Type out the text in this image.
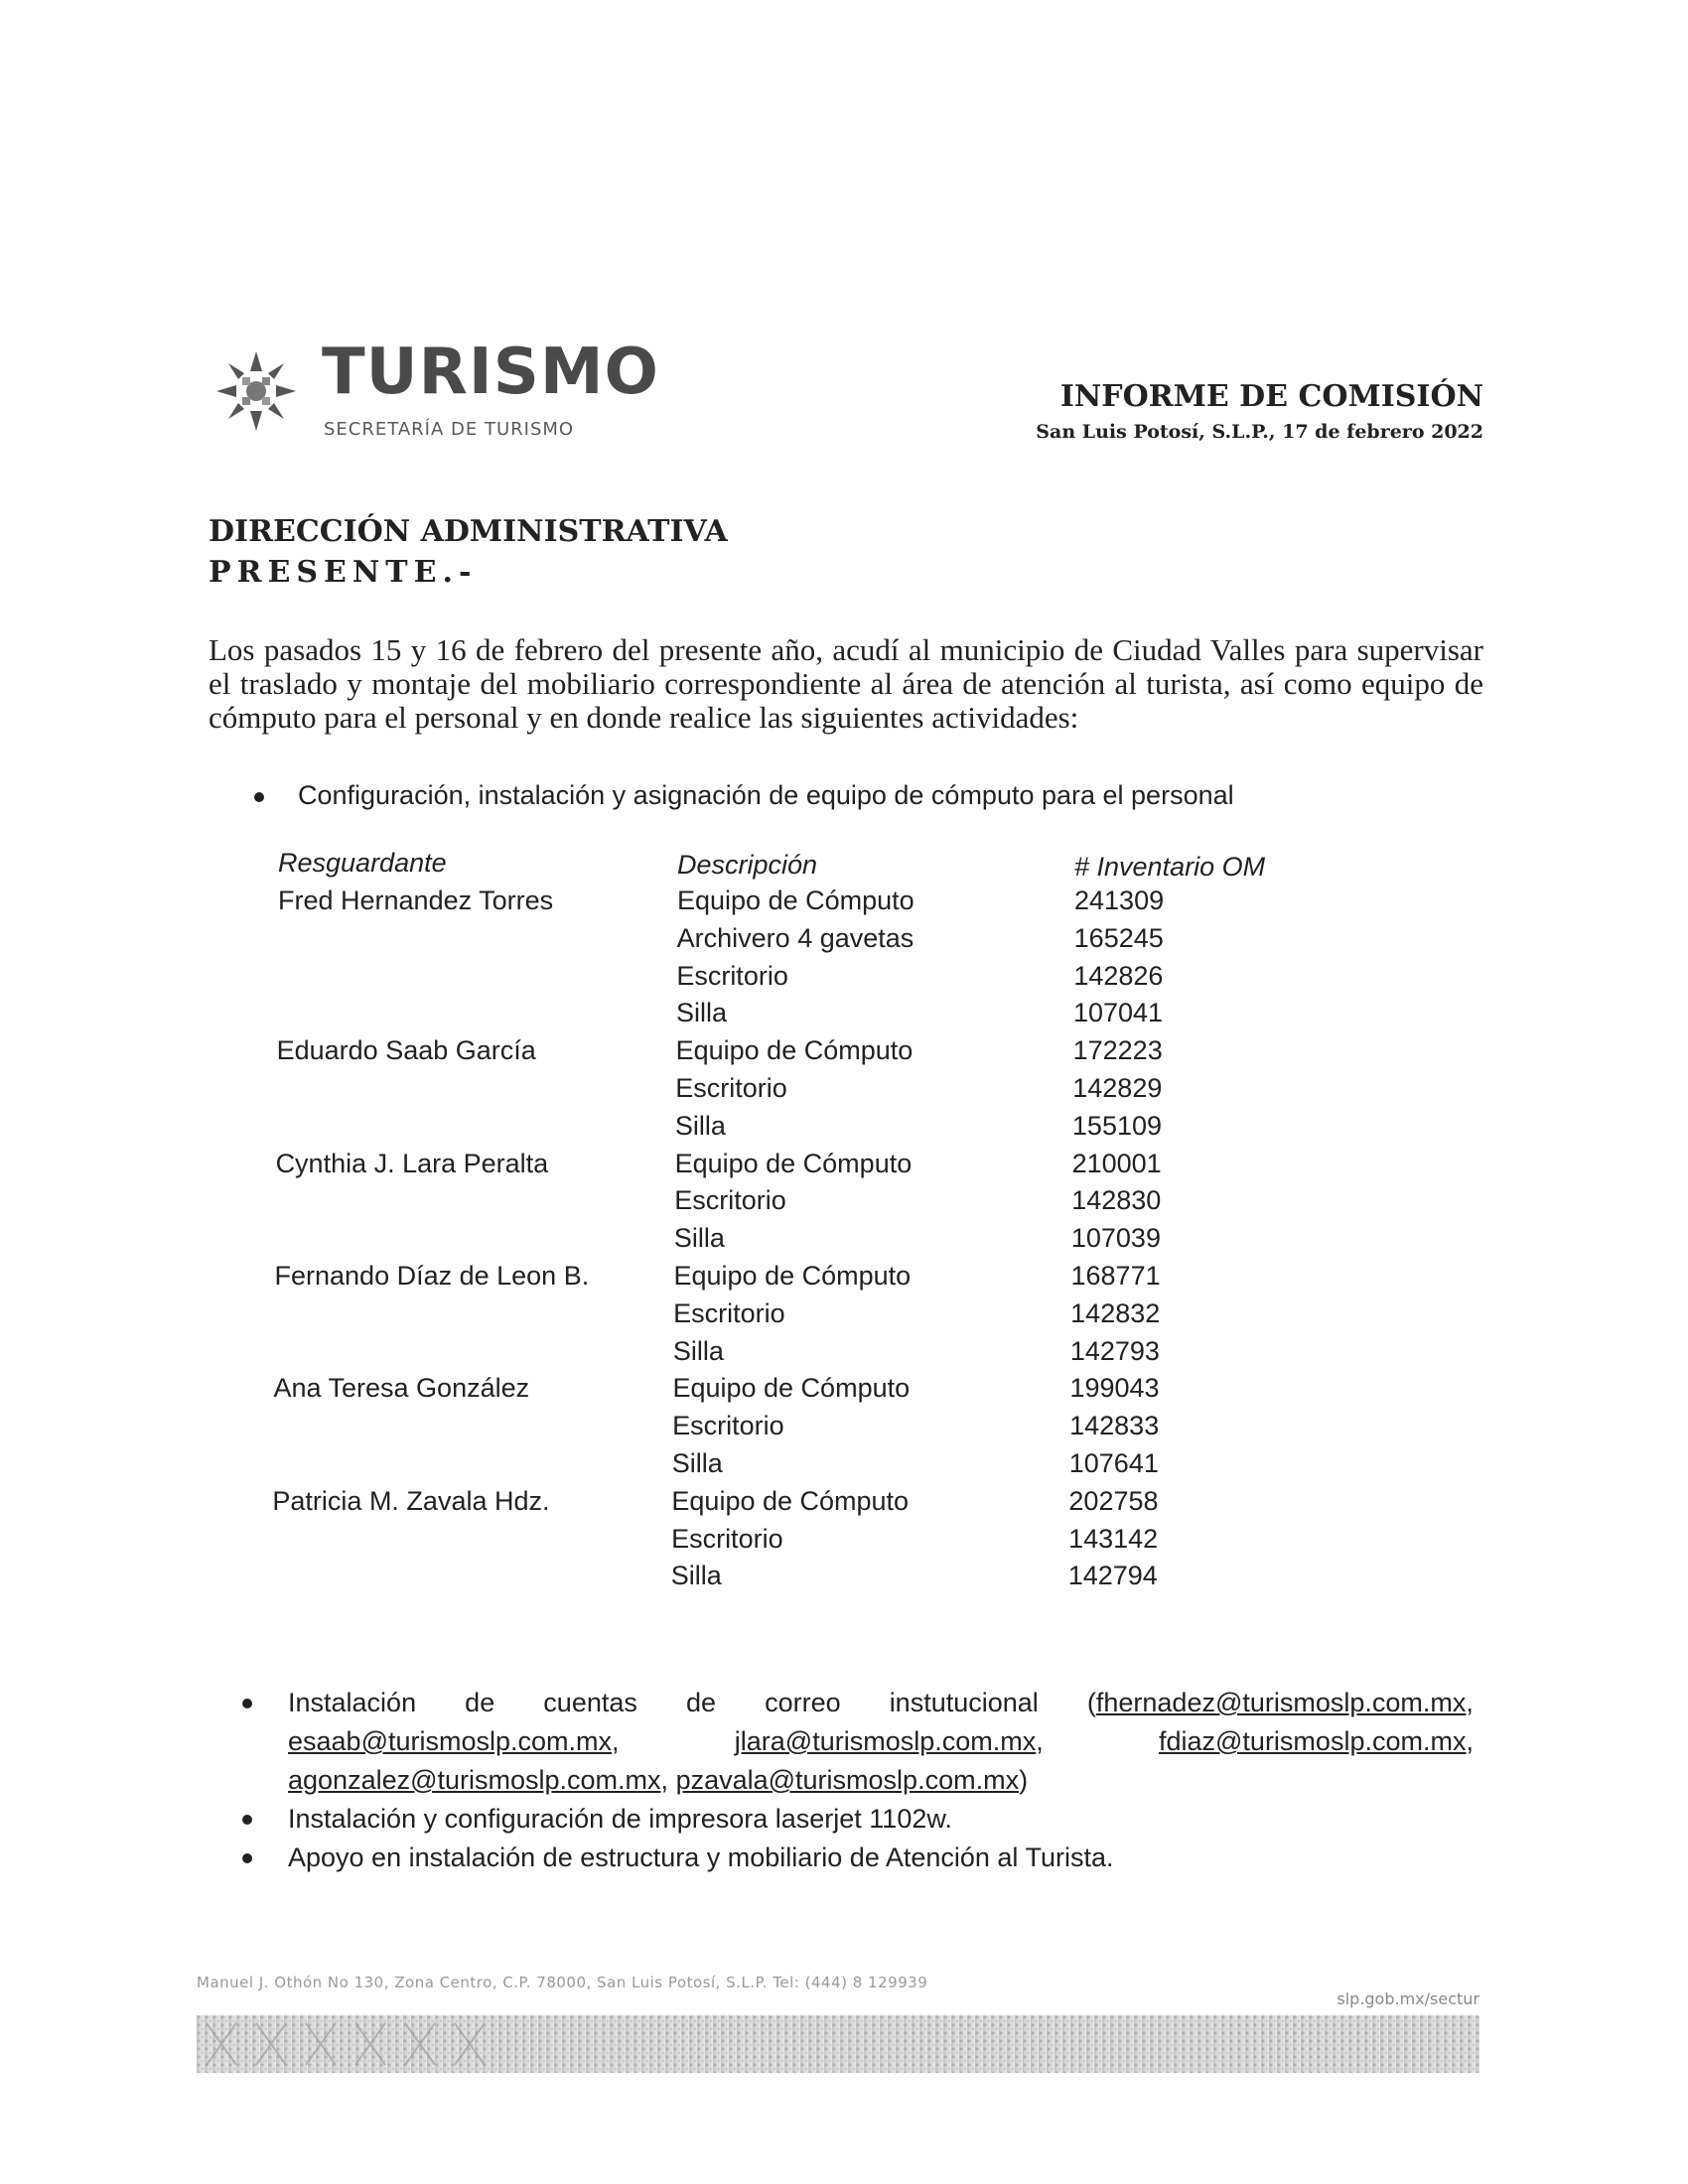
TURISMO
SECRETARÍA DE TURISMO
INFORME DE COMISIÓN
San Luis Potosí, S.L.P., 17 de febrero 2022
DIRECCIÓN ADMINISTRATIVA
PRESENTE.-
Los pasados 15 y 16 de febrero del presente año, acudí al municipio de Ciudad Valles para supervisar el traslado y montaje del mobiliario correspondiente al área de atención al turista, así como equipo de cómputo para el personal y en donde realice las siguientes actividades:
Configuración, instalación y asignación de equipo de cómputo para el personal
Resguardante	Descripción	# Inventario OM
Fred Hernandez Torres	Equipo de Cómputo	241309
Archivero 4 gavetas	165245
Escritorio	142826
Silla	107041
Eduardo Saab García	Equipo de Cómputo	172223
Escritorio	142829
Silla	155109
Cynthia J. Lara Peralta	Equipo de Cómputo	210001
Escritorio	142830
Silla	107039
Fernando Díaz de Leon B.	Equipo de Cómputo	168771
Escritorio	142832
Silla	142793
Ana Teresa González	Equipo de Cómputo	199043
Escritorio	142833
Silla	107641
Patricia M. Zavala Hdz.	Equipo de Cómputo	202758
Escritorio	143142
Silla	142794
Instalación de cuentas de correo instutucional (fhernadez@turismoslp.com.mx,
esaab@turismoslp.com.mx,	jlara@turismoslp.com.mx,	fdiaz@turismoslp.com.mx,
agonzalez@turismoslp.com.mx, pzavala@turismoslp.com.mx)
Instalación y configuración de impresora laserjet 1102w.
Apoyo en instalación de estructura y mobiliario de Atención al Turista.
Manuel J. Othón No 130, Zona Centro, C.P. 78000, San Luis Potosí, S.L.P. Tel: (444) 8 129939
slp.gob.mx/sectur
